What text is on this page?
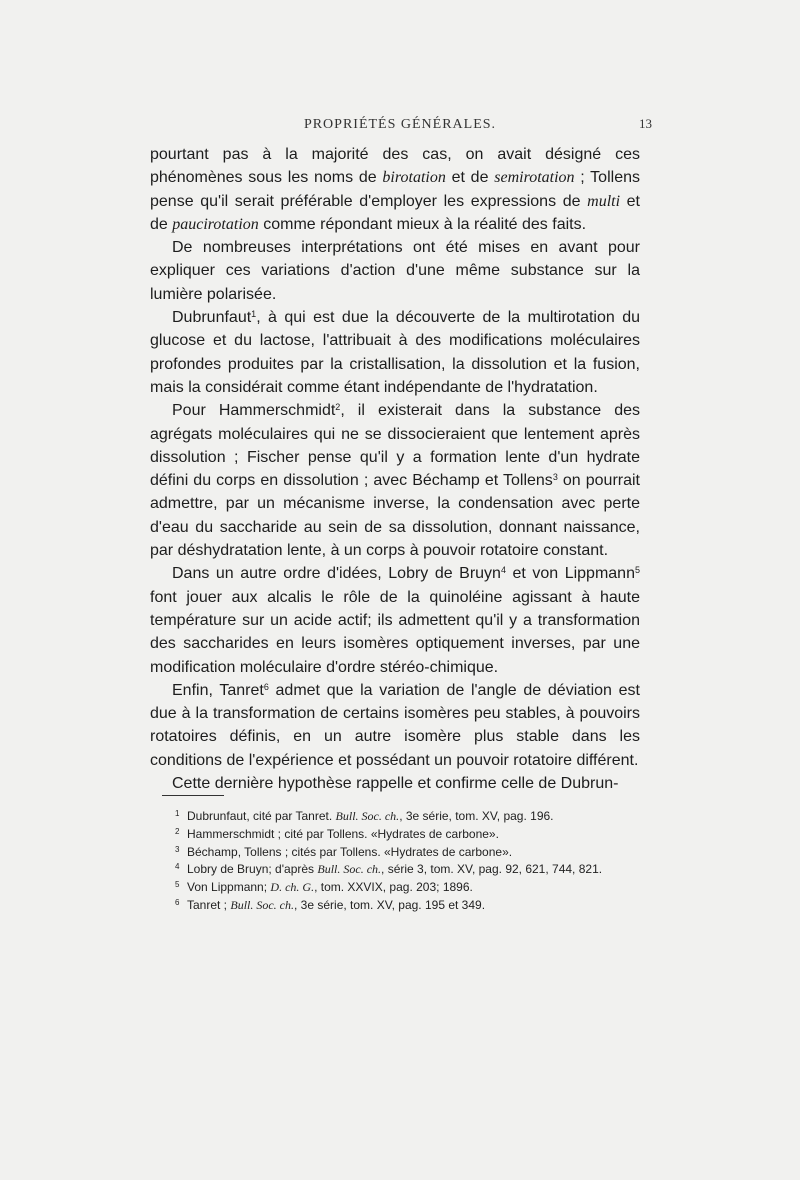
PROPRIÉTÉS GÉNÉRALES.	13

pourtant pas à la majorité des cas, on avait désigné ces phénomènes sous les noms de birotation et de semirotation ; Tollens pense qu'il serait préférable d'employer les expressions de multi et de paucirotation comme répondant mieux à la réalité des faits.

De nombreuses interprétations ont été mises en avant pour expliquer ces variations d'action d'une même substance sur la lumière polarisée.

Dubrunfaut$^1$, à qui est due la découverte de la multirotation du glucose et du lactose, l'attribuait à des modifications moléculaires profondes produites par la cristallisation, la dissolution et la fusion, mais la considérait comme étant indépendante de l'hydratation.

Pour Hammerschmidt$^2$, il existerait dans la substance des agrégats moléculaires qui ne se dissocieraient que lentement après dissolution ; Fischer pense qu'il y a formation lente d'un hydrate défini du corps en dissolution ; avec Béchamp et Tollens$^3$ on pourrait admettre, par un mécanisme inverse, la condensation avec perte d'eau du saccharide au sein de sa dissolution, donnant naissance, par déshydratation lente, à un corps à pouvoir rotatoire constant.

Dans un autre ordre d'idées, Lobry de Bruyn$^4$ et von Lippmann$^5$ font jouer aux alcalis le rôle de la quinoléine agissant à haute température sur un acide actif; ils admettent qu'il y a transformation des saccharides en leurs isomères optiquement inverses, par une modification moléculaire d'ordre stéréo-chimique.

Enfin, Tanret$^6$ admet que la variation de l'angle de déviation est due à la transformation de certains isomères peu stables, à pouvoirs rotatoires définis, en un autre isomère plus stable dans les conditions de l'expérience et possédant un pouvoir rotatoire différent.

Cette dernière hypothèse rappelle et confirme celle de Dubrun-

1 Dubrunfaut, cité par Tanret. Bull. Soc. ch., 3e série, tom. XV, pag. 196.
2 Hammerschmidt ; cité par Tollens. «Hydrates de carbone».
3 Béchamp, Tollens ; cités par Tollens. «Hydrates de carbone».
4 Lobry de Bruyn; d'après Bull. Soc. ch., série 3, tom. XV, pag. 92, 621, 744, 821.
5 Von Lippmann; D. ch. G., tom. XXVIX, pag. 203; 1896.
6 Tanret ; Bull. Soc. ch., 3e série, tom. XV, pag. 195 et 349.
